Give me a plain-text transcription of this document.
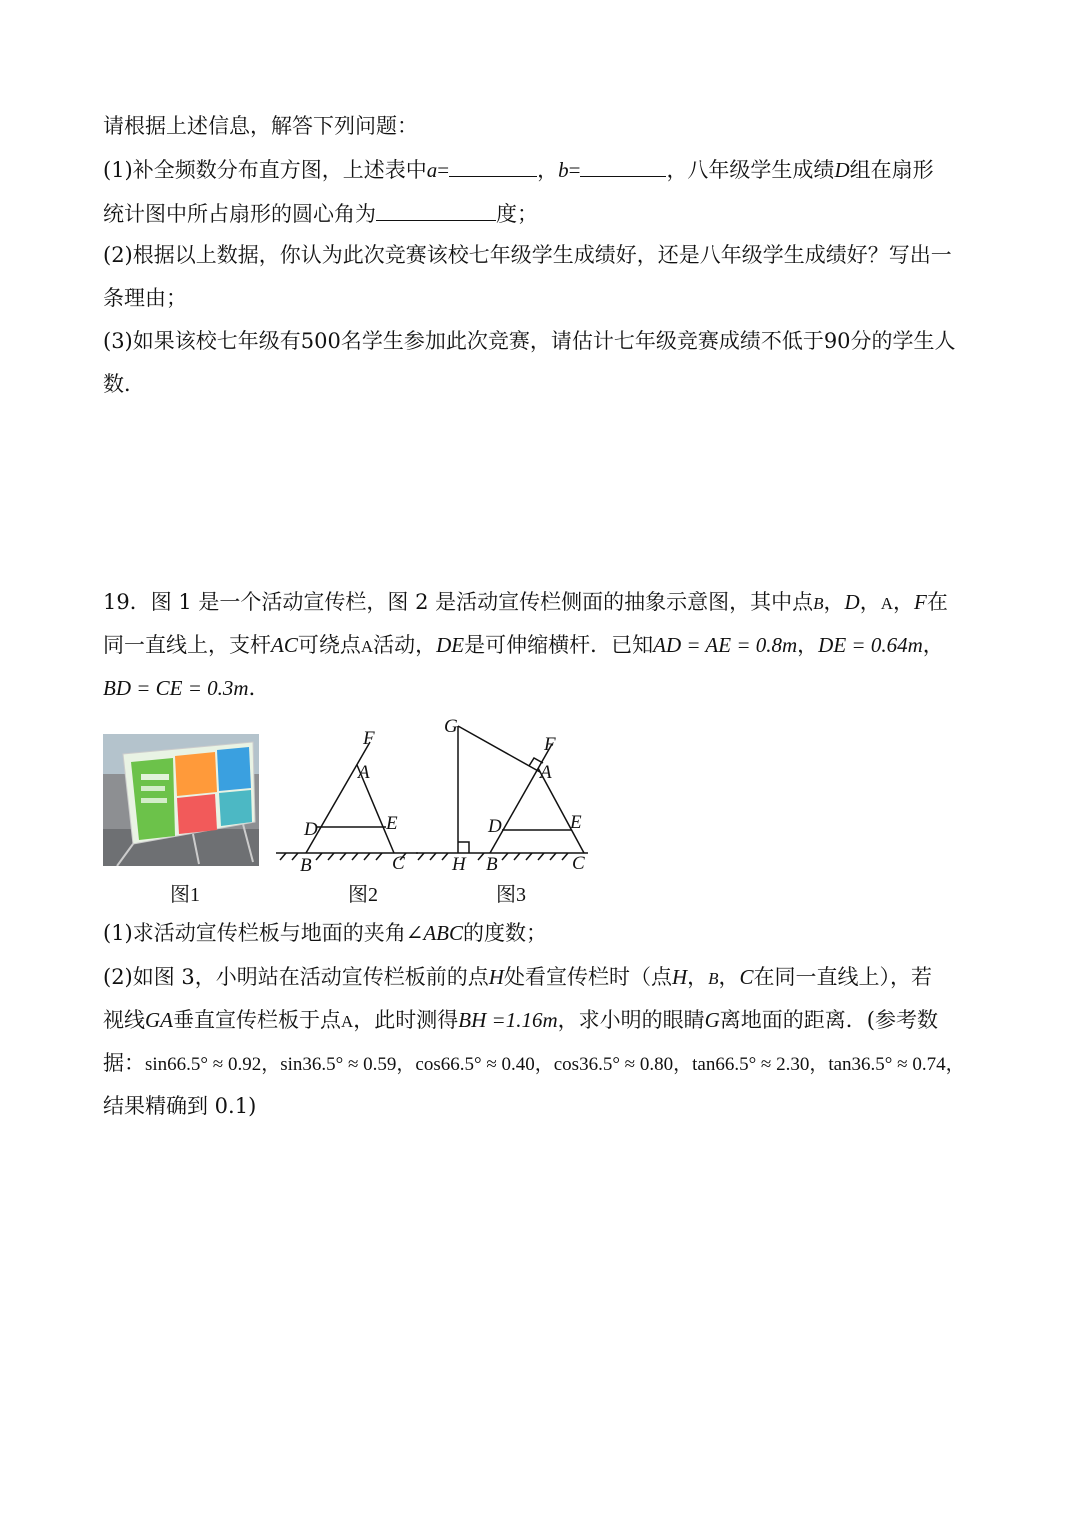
请根据上述信息，解答下列问题：
(1)补全频数分布直方图，上述表中a=	，b=	，八年级学生成绩D组在扇形
统计图中所占扇形的圆心角为	度；
(2)根据以上数据，你认为此次竞赛该校七年级学生成绩好，还是八年级学生成绩好？写出一
条理由；
(3)如果该校七年级有500名学生参加此次竞赛，请估计七年级竞赛成绩不低于90分的学生人
数．
19．图 1 是一个活动宣传栏，图 2 是活动宣传栏侧面的抽象示意图，其中点B，D，A，F在
同一直线上，支杆AC可绕点A活动，DE是可伸缩横杆．已知AD = AE = 0.8m，DE = 0.64m，
BD = CE = 0.3m．
F
A
D	E
B	C
G
F
A
D	E
H B	C
图1	图2	图3
(1)求活动宣传栏板与地面的夹角∠ABC的度数；
(2)如图 3，小明站在活动宣传栏板前的点H处看宣传栏时（点H，B，C在同一直线上），若
视线GA垂直宣传栏板于点A，此时测得BH =1.16m，求小明的眼睛G离地面的距离．(参考数
据：sin66.5° ≈ 0.92，sin36.5° ≈ 0.59，cos66.5° ≈ 0.40，cos36.5° ≈ 0.80，tan66.5° ≈ 2.30，tan36.5° ≈ 0.74，
结果精确到 0.1)
